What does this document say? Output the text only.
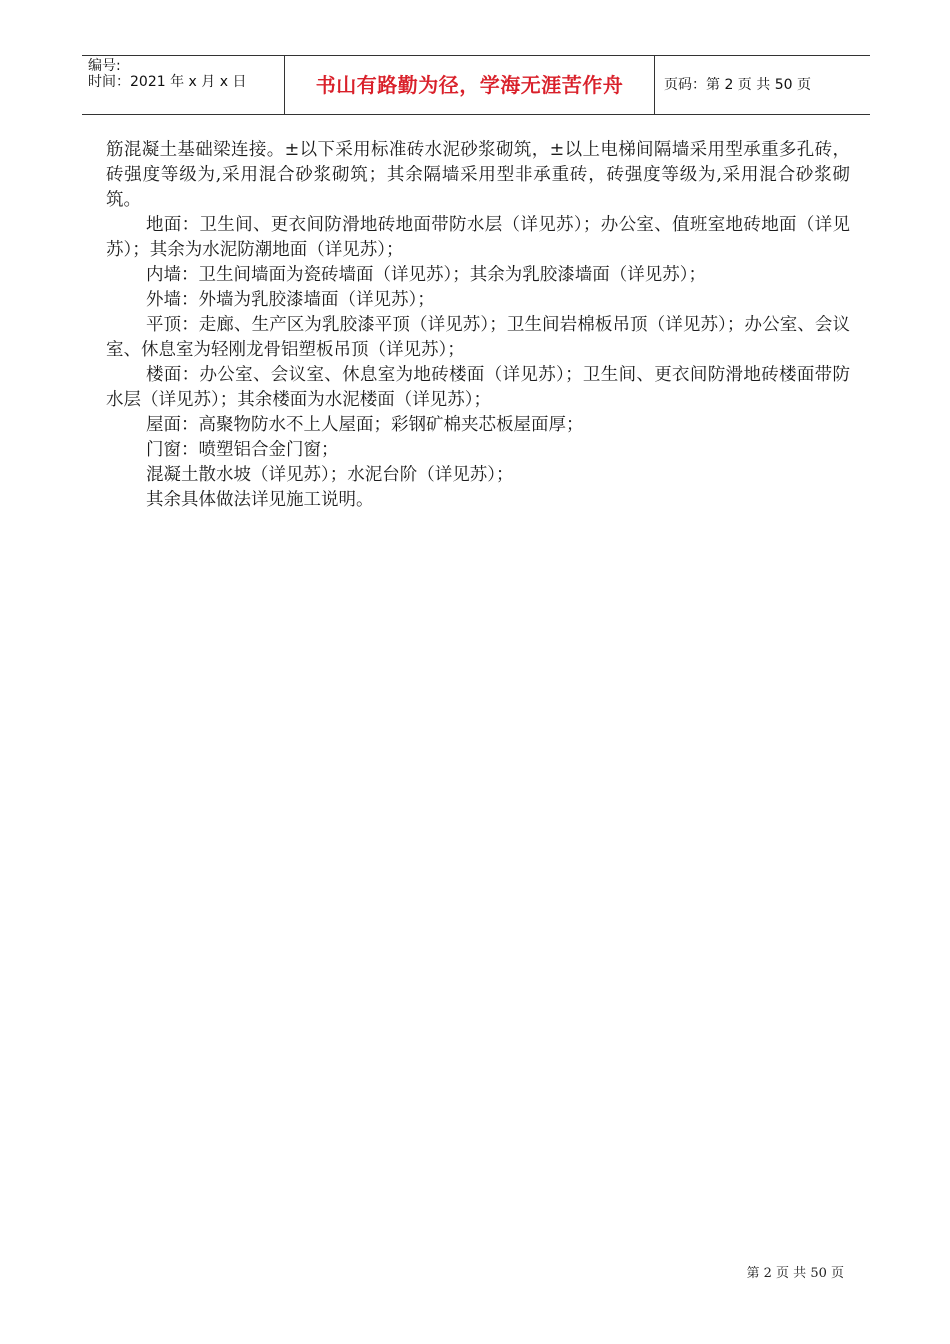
编号:
时间：2021 年 x 月 x 日	书山有路勤为径，学海无涯苦作舟	页码：第 2 页 共 50 页

筋混凝土基础梁连接。±以下采用标准砖水泥砂浆砌筑，±以上电梯间隔墙采用型承重多孔砖，砖强度等级为,采用混合砂浆砌筑；其余隔墙采用型非承重砖，砖强度等级为,采用混合砂浆砌筑。

地面：卫生间、更衣间防滑地砖地面带防水层（详见苏）；办公室、值班室地砖地面（详见苏）；其余为水泥防潮地面（详见苏）；

内墙：卫生间墙面为瓷砖墙面（详见苏）；其余为乳胶漆墙面（详见苏）；

外墙：外墙为乳胶漆墙面（详见苏）；

平顶：走廊、生产区为乳胶漆平顶（详见苏）；卫生间岩棉板吊顶（详见苏）；办公室、会议室、休息室为轻刚龙骨铝塑板吊顶（详见苏）；

楼面：办公室、会议室、休息室为地砖楼面（详见苏）；卫生间、更衣间防滑地砖楼面带防水层（详见苏）；其余楼面为水泥楼面（详见苏）；

屋面：高聚物防水不上人屋面；彩钢矿棉夹芯板屋面厚；

门窗：喷塑铝合金门窗；

混凝土散水坡（详见苏）；水泥台阶（详见苏）；

其余具体做法详见施工说明。

第 2 页 共 50 页
